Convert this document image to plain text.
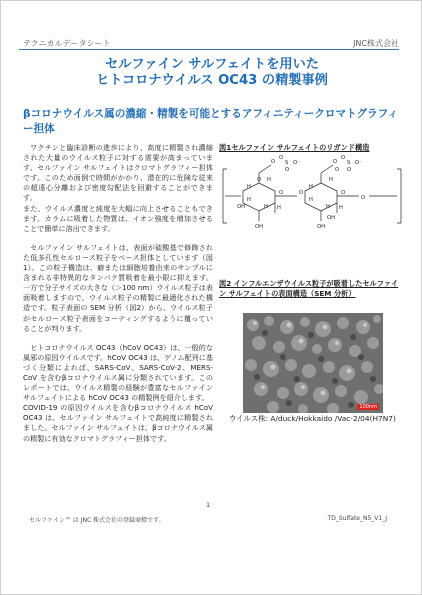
テクニカルデータシート	JNC株式会社
セルファイン サルフェイトを用いた
ヒトコロナウイルス OC43 の精製事例
βコロナウイルス属の濃縮・精製を可能とするアフィニティークロマトグラフィー担体

ワクチンと臨床診断の進歩により、高度に精製され濃縮された大量のウイルス粒子に対する需要が高まっています。セルファイン サルフェイトはクロマトグラフィー担体です。このため面倒で時間がかかり、潜在的に危険な従来の超遠心分離および密度勾配法を回避することができます。

また、ウイルス濃度と純度を大幅に向上させることもできます。カラムに吸着した物質は、イオン強度を増加させることで簡単に溶出できます。

セルファイン サルフェイトは、表面が硫酸基で修飾された低多孔性セルロース粒子をベース担体としています（図1）。この粒子構造は、癖または細胞培養由来のサンプルに含まれる非特異的なタンパク質吸着を最小限に抑えます。一方で分子サイズの大きな（＞100 nm）ウイルス粒子は表面吸着しますので、ウイルス粒子の精製に最適化された構造です。粒子表面の SEM 分析（図2）から、ウイルス粒子がセルロース粒子表面をコーティングするように覆っていることが判ります。

ヒトコロナウイルス OC43（hCoV OC43）は、一般的な風邪の原因ウイルスです。hCoV OC43 は、ゲノム配列に基づく分類によれば、SARS-CoV、SARS-CoV-2、MERS-CoV を含むβコロナウイルス属に分類されています。このレポートでは、ウイルス精製の経験が豊富なセルファイン サルフェイトによる hCoV OC43 の精製例を紹介します。

COVID-19 の原因ウイルスを含むβコロナウイルス hCoV OC43 は、セルファイン サルフェイトで高純度に精製されました。セルファイン サルフェイトは、βコロナウイルス属の精製に有効なクロマトグラフィー担体です。

図1セルファイン サルフェイトのリガンド構造
O
H
OH	H
O
OH
O
H
H
H
O
S O⁻
O
O
H
O
H
OH
H
O
OH
H
H
O
O
S O⁻
O
O
図2 インフルエンザウイルス粒子が吸着したセルファイン サルフェイトの表面構造（SEM 分析）
100nm
ウイルス株: A/duck/Hokkaido /Vac-2/04(H7N7)
1
セルファイン™ は JNC 株式会社の登録商標です。	TD_Sulfate_N5_V1_J
